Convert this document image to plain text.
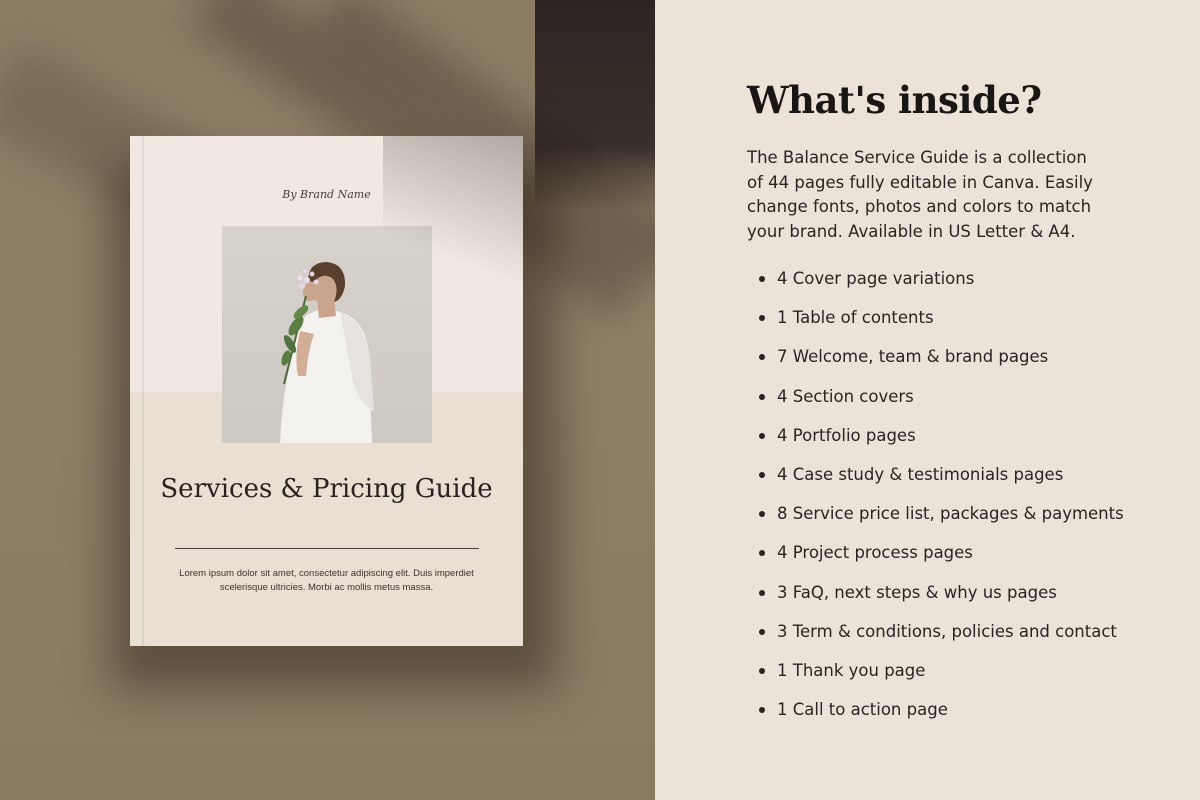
By Brand Name
Services & Pricing Guide
Lorem ipsum dolor sit amet, consectetur adipiscing elit. Duis imperdiet scelerisque ultricies. Morbi ac mollis metus massa.
What's inside?

The Balance Service Guide is a collection of 44 pages fully editable in Canva. Easily change fonts, photos and colors to match your brand. Available in US Letter & A4.

4 Cover page variations
1 Table of contents
7 Welcome, team & brand pages
4 Section covers
4 Portfolio pages
4 Case study & testimonials pages
8 Service price list, packages & payments
4 Project process pages
3 FaQ, next steps & why us pages
3 Term & conditions, policies and contact
1 Thank you page
1 Call to action page
